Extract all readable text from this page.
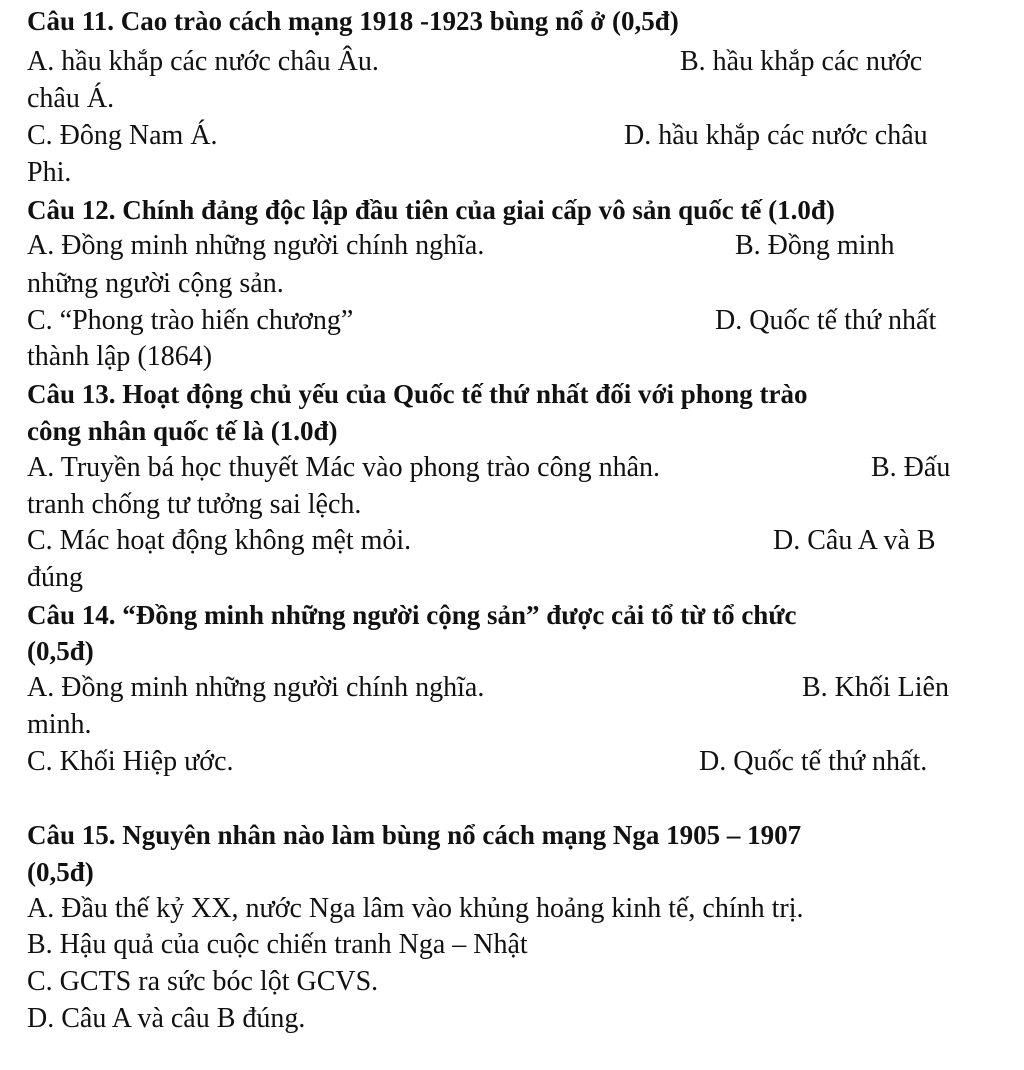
Câu 11. Cao trào cách mạng 1918 -1923 bùng nổ ở (0,5đ)
A. hầu khắp các nước châu Âu.	B. hầu khắp các nước
châu Á.
C. Đông Nam Á.	D. hầu khắp các nước châu
Phi.
Câu 12. Chính đảng độc lập đầu tiên của giai cấp vô sản quốc tế (1.0đ)
A. Đồng minh những người chính nghĩa.	B. Đồng minh
những người cộng sản.
C. “Phong trào hiến chương”	D. Quốc tế thứ nhất
thành lập (1864)
Câu 13. Hoạt động chủ yếu của Quốc tế thứ nhất đối với phong trào
công nhân quốc tế là (1.0đ)
A. Truyền bá học thuyết Mác vào phong trào công nhân.	B. Đấu
tranh chống tư tưởng sai lệch.
C. Mác hoạt động không mệt mỏi.	D. Câu A và B
đúng
Câu 14. “Đồng minh những người cộng sản” được cải tổ từ tổ chức
(0,5đ)
A. Đồng minh những người chính nghĩa.	B. Khối Liên
minh.
C. Khối Hiệp ước.	D. Quốc tế thứ nhất.
Câu 15. Nguyên nhân nào làm bùng nổ cách mạng Nga 1905 – 1907
(0,5đ)
A. Đầu thế kỷ XX, nước Nga lâm vào khủng hoảng kinh tế, chính trị.
B. Hậu quả của cuộc chiến tranh Nga – Nhật
C. GCTS ra sức bóc lột GCVS.
D. Câu A và câu B đúng.
